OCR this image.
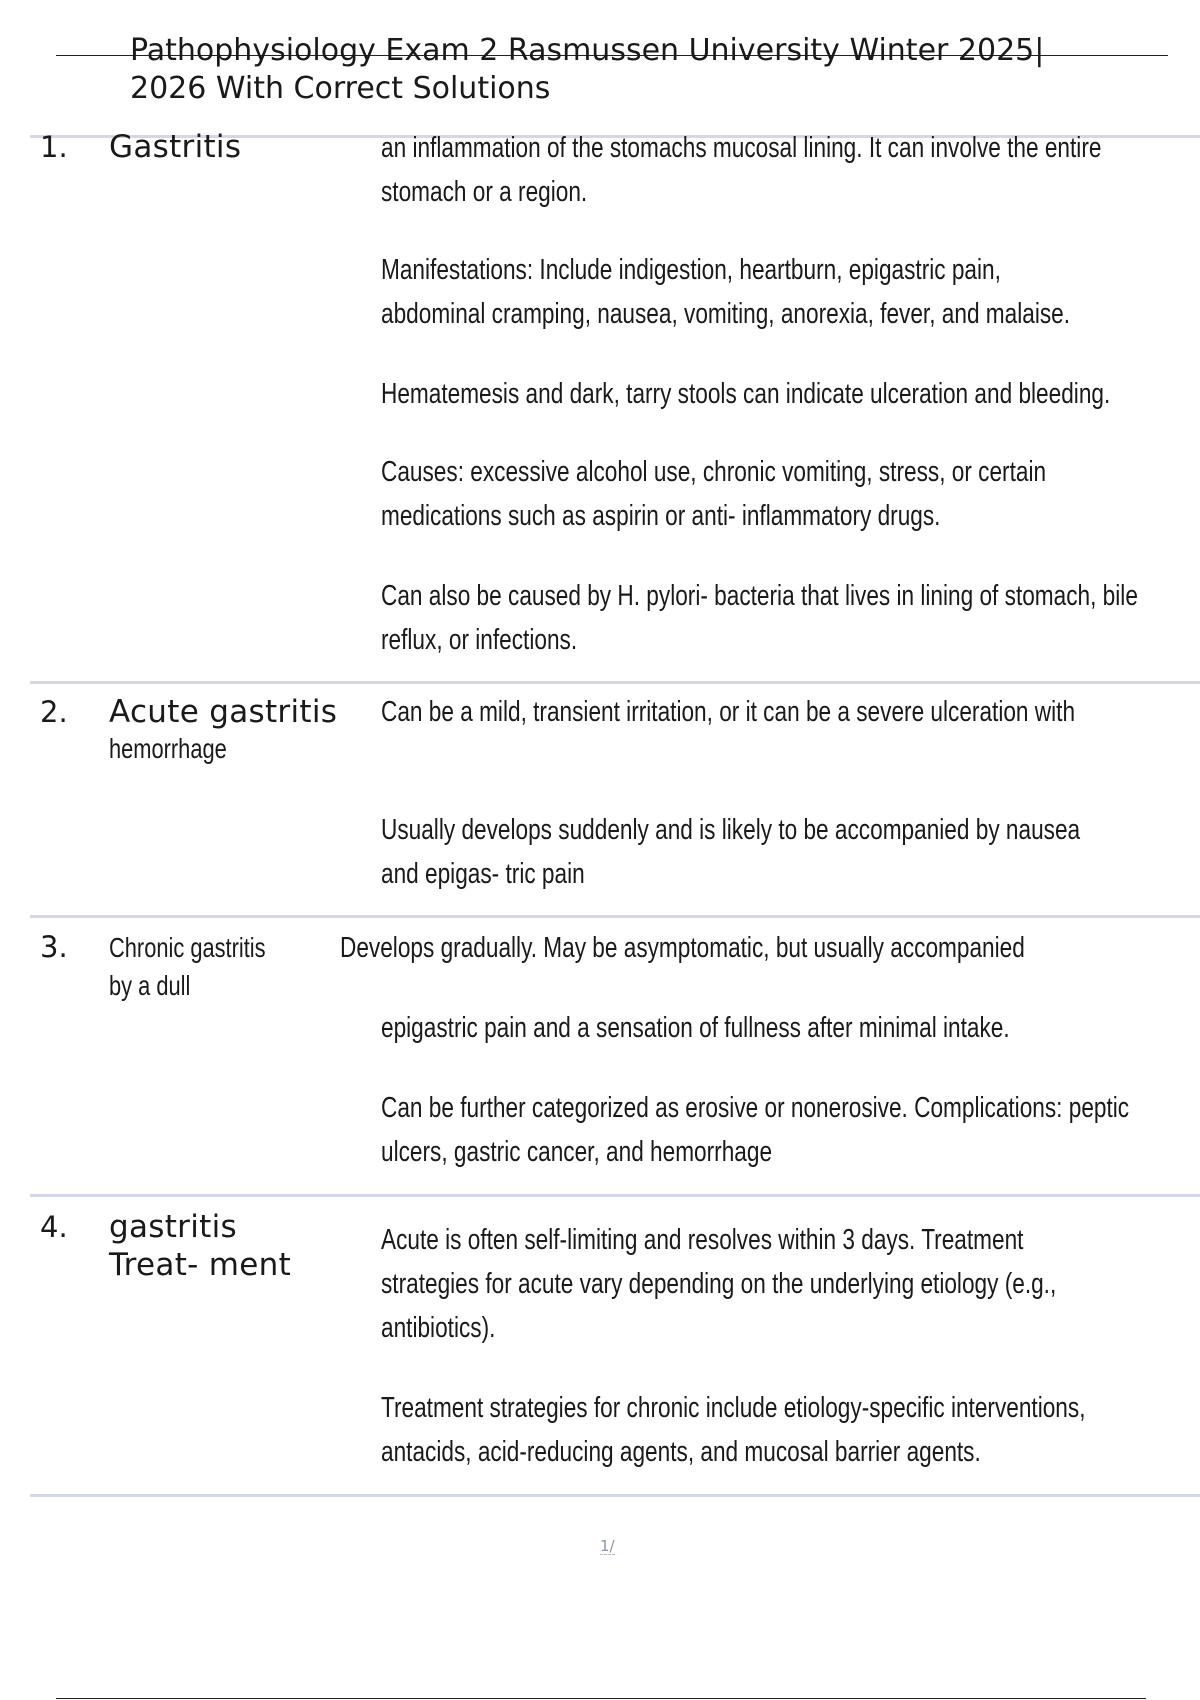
Pathophysiology Exam 2 Rasmussen University Winter 2025|
2026 With Correct Solutions
1. Gastritis	an inflammation of the stomachs mucosal lining. It can involve the entire
stomach or a region.

Manifestations: Include indigestion, heartburn, epigastric pain,
abdominal cramping, nausea, vomiting, anorexia, fever, and malaise.

Hematemesis and dark, tarry stools can indicate ulceration and bleeding.

Causes: excessive alcohol use, chronic vomiting, stress, or certain
medications such as aspirin or anti- inflammatory drugs.

Can also be caused by H. pylori- bacteria that lives in lining of stomach, bile
reflux, or infections.

2. Acute gastritis
hemorrhage

Can be a mild, transient irritation, or it can be a severe ulceration with

Usually develops suddenly and is likely to be accompanied by nausea
and epigas- tric pain

3. Chronic gastritis	Develops gradually. May be asymptomatic, but usually accompanied

by a dull

epigastric pain and a sensation of fullness after minimal intake.

Can be further categorized as erosive or nonerosive. Complications: peptic
ulcers, gastric cancer, and hemorrhage

4. gastritis
Treat- ment

Acute is often self-limiting and resolves within 3 days. Treatment
strategies for acute vary depending on the underlying etiology (e.g.,
antibiotics).

Treatment strategies for chronic include etiology-specific interventions,
antacids, acid-reducing agents, and mucosal barrier agents.

1/
